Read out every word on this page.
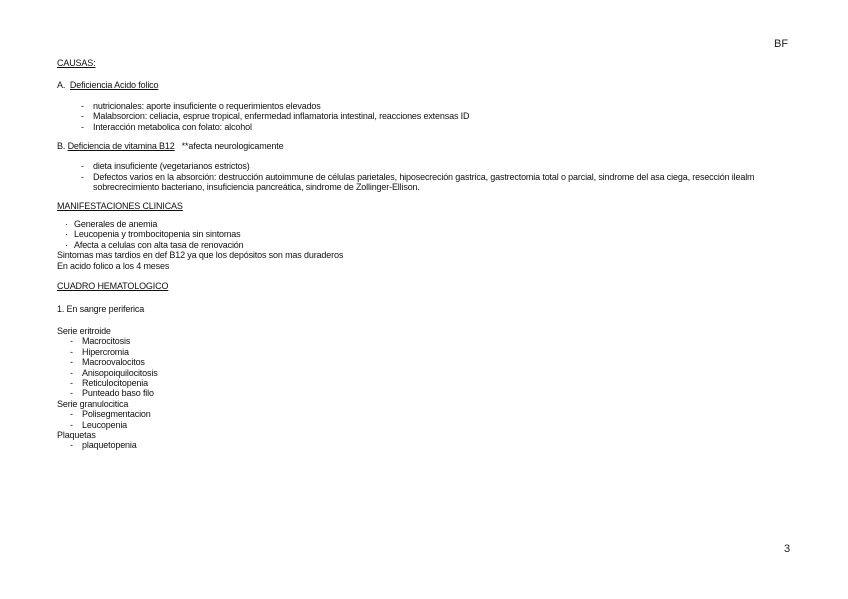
BF
3

CAUSAS:

A. Deficiencia Acido folico

- nutricionales: aporte insuficiente o requerimientos elevados
- Malabsorcion: celiacia, esprue tropical, enfermedad inflamatoria intestinal, reacciones extensas ID
- Interacción metabolica con folato: alcohol

B. Deficiencia de vitamina B12 **afecta neurologicamente

- dieta insuficiente (vegetarianos estrictos)
- Defectos varios en la absorción: destrucción autoimmune de células parietales, hiposecreción gastrica, gastrectomia total o parcial, sindrome del asa ciega, resección ilealm sobrecrecimiento bacteriano, insuficiencia pancreática, sindrome de Zollinger-Ellison.

MANIFESTACIONES CLINICAS

· Generales de anemia
· Leucopenia y trombocitopenia sin sintomas
· Afecta a celulas con alta tasa de renovación

Sintomas mas tardios en def B12 ya que los depósitos son mas duraderos

En acido folico a los 4 meses

CUADRO HEMATOLOGICO

1. En sangre periferica

Serie eritroide

- Macrocitosis
- Hipercromia
- Macroovalocitos
- Anisopoiquilocitosis
- Reticulocitopenia
- Punteado baso filo

Serie granulocitica

- Polisegmentacion
- Leucopenia

Plaquetas

- plaquetopenia
